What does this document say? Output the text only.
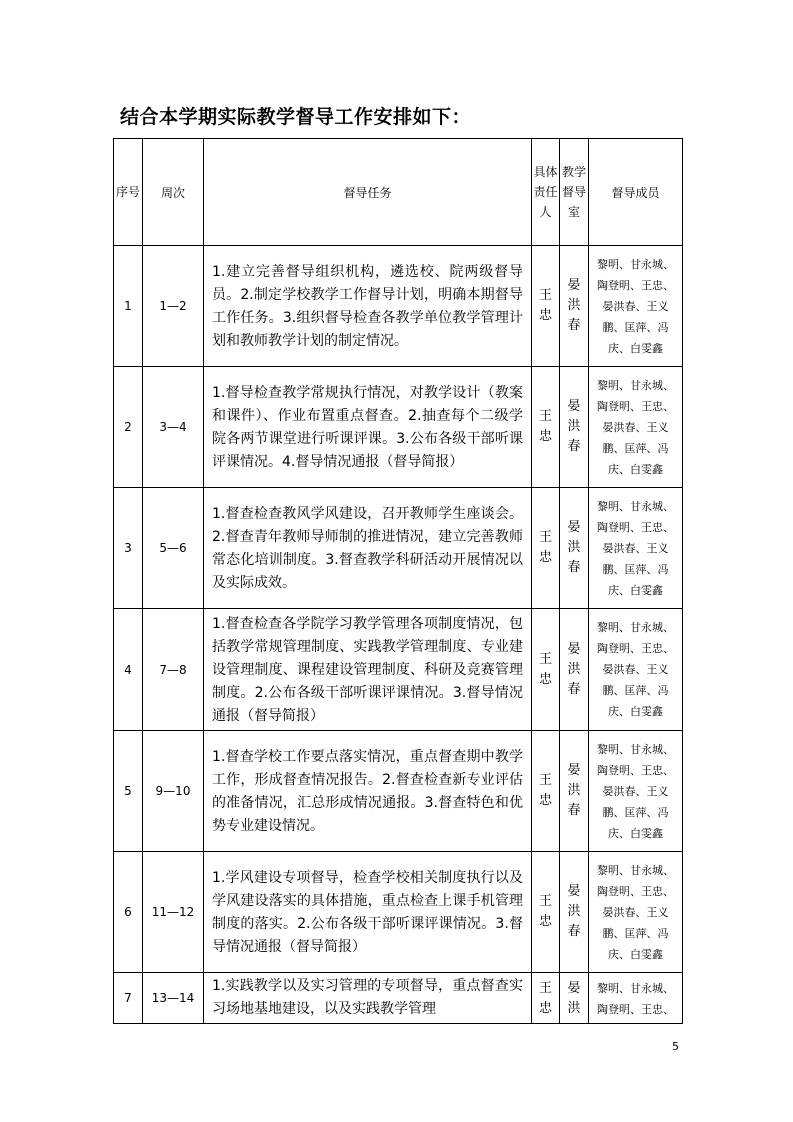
结合本学期实际教学督导工作安排如下：
序号	周次	督导任务	具体责任人	教学督导室	督导成员
1	1—2	1.建立完善督导组织机构，遴选校、院两级督导员。2.制定学校教学工作督导计划，明确本期督导工作任务。3.组织督导检查各教学单位教学管理计划和教师教学计划的制定情况。	王忠	晏洪春	黎明、甘永城、陶登明、王忠、晏洪春、王义鹏、匡萍、冯庆、白雯鑫
2	3—4	1.督导检查教学常规执行情况，对教学设计（教案和课件）、作业布置重点督查。2.抽查每个二级学院各两节课堂进行听课评课。3.公布各级干部听课评课情况。4.督导情况通报（督导简报）	王忠	晏洪春	黎明、甘永城、陶登明、王忠、晏洪春、王义鹏、匡萍、冯庆、白雯鑫
3	5—6	1.督查检查教风学风建设，召开教师学生座谈会。2.督查青年教师导师制的推进情况，建立完善教师常态化培训制度。3.督查教学科研活动开展情况以及实际成效。	王忠	晏洪春	黎明、甘永城、陶登明、王忠、晏洪春、王义鹏、匡萍、冯庆、白雯鑫
4	7—8	1.督查检查各学院学习教学管理各项制度情况，包括教学常规管理制度、实践教学管理制度、专业建设管理制度、课程建设管理制度、科研及竞赛管理制度。2.公布各级干部听课评课情况。3.督导情况通报（督导简报）	王忠	晏洪春	黎明、甘永城、陶登明、王忠、晏洪春、王义鹏、匡萍、冯庆、白雯鑫
5	9—10	1.督查学校工作要点落实情况，重点督查期中教学工作，形成督查情况报告。2.督查检查新专业评估的准备情况，汇总形成情况通报。3.督查特色和优势专业建设情况。	王忠	晏洪春	黎明、甘永城、陶登明、王忠、晏洪春、王义鹏、匡萍、冯庆、白雯鑫
6	11—12	1.学风建设专项督导，检查学校相关制度执行以及学风建设落实的具体措施，重点检查上课手机管理制度的落实。2.公布各级干部听课评课情况。3.督导情况通报（督导简报）	王忠	晏洪春	黎明、甘永城、陶登明、王忠、晏洪春、王义鹏、匡萍、冯庆、白雯鑫
7	13—14	1.实践教学以及实习管理的专项督导，重点督查实习场地基地建设，以及实践教学管理	王忠	晏洪	黎明、甘永城、陶登明、王忠、
5
